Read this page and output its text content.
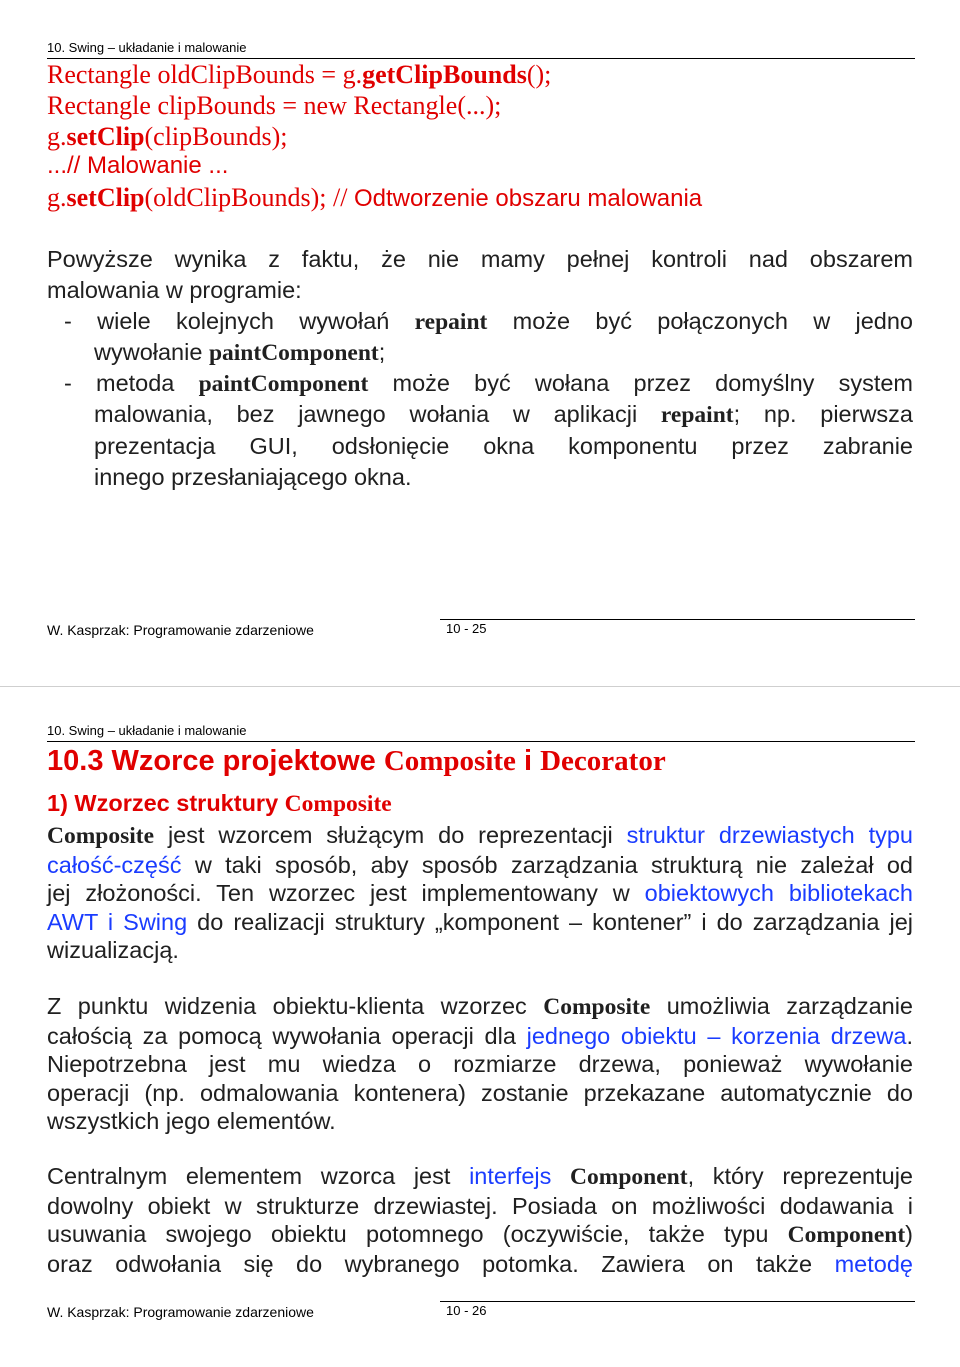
10. Swing – układanie i malowanie
Rectangle oldClipBounds = g.getClipBounds();
Rectangle clipBounds = new Rectangle(...);
g.setClip(clipBounds);
...// Malowanie ...
g.setClip(oldClipBounds); // Odtworzenie obszaru malowania
Powyższe wynika z faktu, że nie mamy pełnej kontroli nad obszarem
malowania w programie:
- wiele kolejnych wywołań repaint może być połączonych w jedno
wywołanie paintComponent;
- metoda paintComponent może być wołana przez domyślny system
malowania, bez jawnego wołania w aplikacji repaint; np. pierwsza
prezentacja GUI, odsłonięcie okna komponentu przez zabranie
innego przesłaniającego okna.
W. Kasprzak: Programowanie zdarzeniowe	10 - 25
10. Swing – układanie i malowanie
10.3 Wzorce projektowe Composite i Decorator
1) Wzorzec struktury Composite
Composite jest wzorcem służącym do reprezentacji struktur drzewiastych typu
całość-część w taki sposób, aby sposób zarządzania strukturą nie zależał od
jej złożoności. Ten wzorzec jest implementowany w obiektowych bibliotekach
AWT i Swing do realizacji struktury „komponent – kontener” i do zarządzania jej
wizualizacją.
Z punktu widzenia obiektu-klienta wzorzec Composite umożliwia zarządzanie
całością za pomocą wywołania operacji dla jednego obiektu – korzenia drzewa.
Niepotrzebna jest mu wiedza o rozmiarze drzewa, ponieważ wywołanie
operacji (np. odmalowania kontenera) zostanie przekazane automatycznie do
wszystkich jego elementów.
Centralnym elementem wzorca jest interfejs Component, który reprezentuje
dowolny obiekt w strukturze drzewiastej. Posiada on możliwości dodawania i
usuwania swojego obiektu potomnego (oczywiście, także typu Component)
oraz odwołania się do wybranego potomka. Zawiera on także metodę
W. Kasprzak: Programowanie zdarzeniowe	10 - 26
